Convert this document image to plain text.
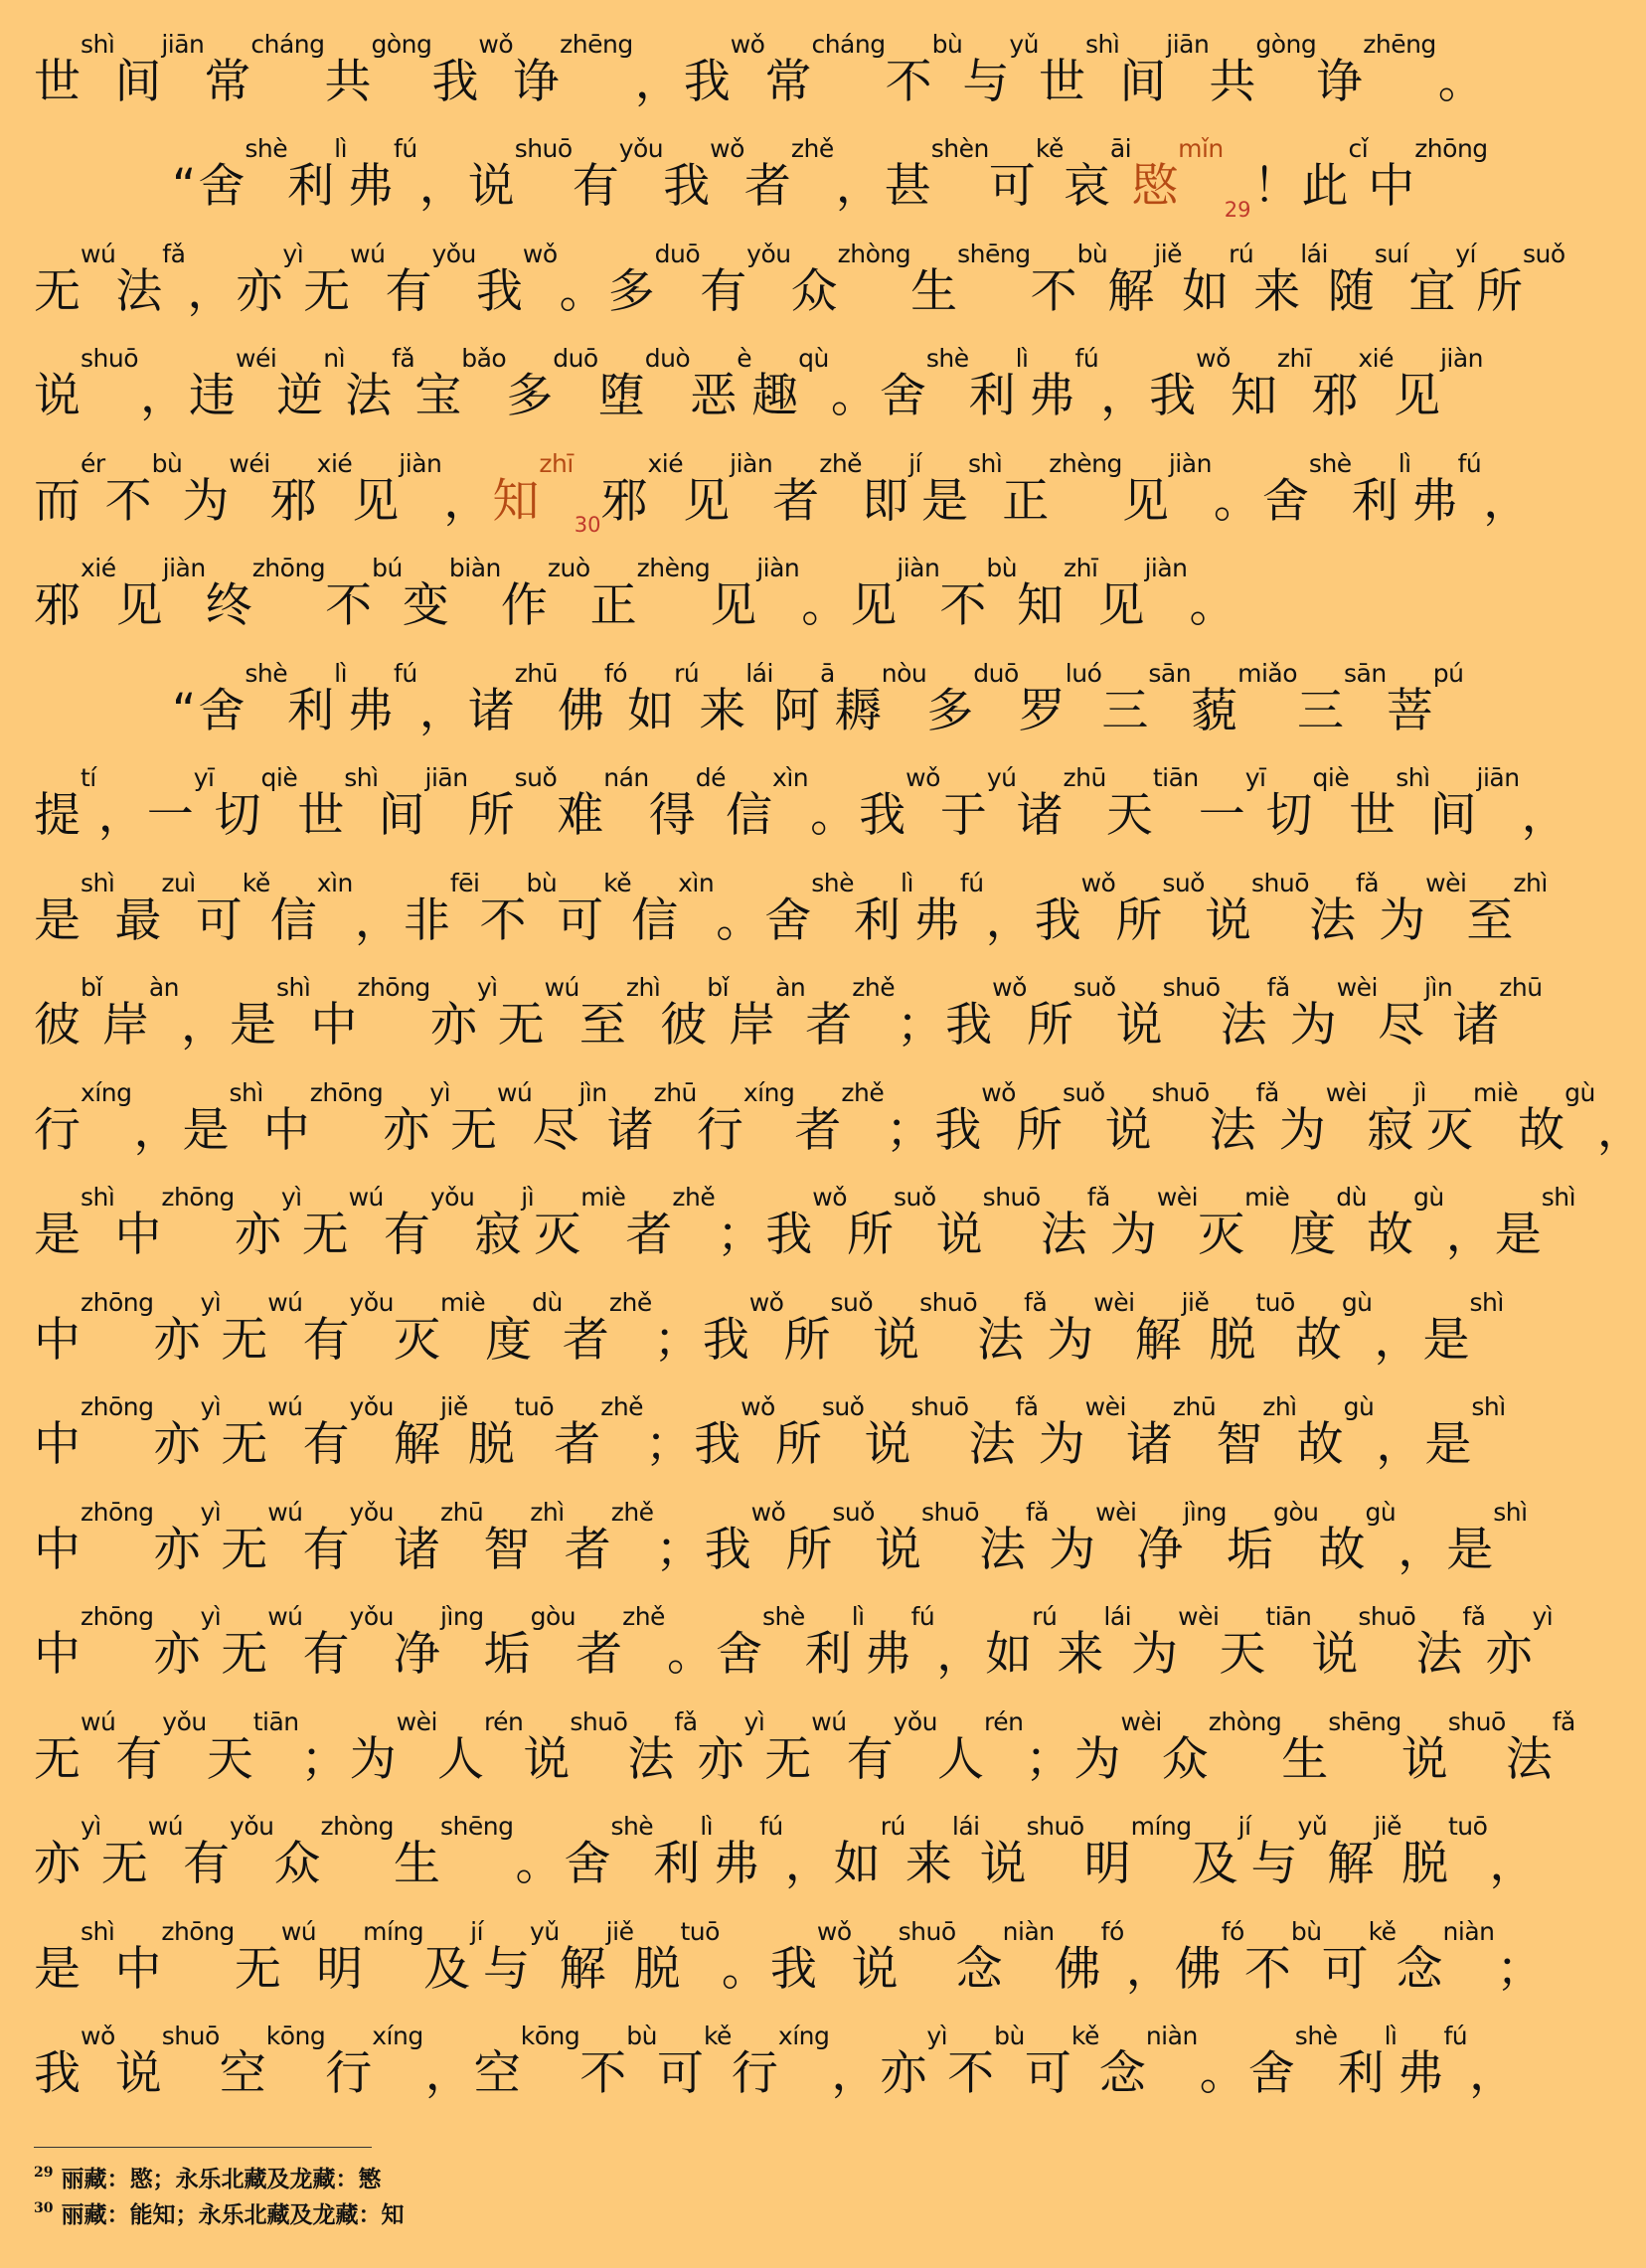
世shì
间jiān
常cháng
共gòng
我wǒ
诤zhēng
， 我wǒ
常cháng
不bù
与yǔ
世shì
间jiān
共gòng
诤zhēng
。
“ 舍shè
利lì
弗fú
， 说shuō
有yǒu
我wǒ
者zhě
， 甚shèn
可kě
哀āi
愍mǐn
29 ！ 此cǐ
中zhōng
无wú
法fǎ
， 亦yì
无wú
有yǒu
我wǒ
。 多duō
有yǒu
众zhòng
生shēng
不bù
解jiě
如rú
来lái
随suí
宜yí
所suǒ
说shuō
， 违wéi
逆nì
法fǎ
宝bǎo
多duō
堕duò
恶è
趣qù
。 舍shè
利lì
弗fú
， 我wǒ
知zhī
邪xié
见jiàn
而ér
不bù
为wéi
邪xié
见jiàn
， 知zhī
30 邪xié
见jiàn
者zhě
即jí
是shì
正zhèng
见jiàn
。 舍shè
利lì
弗fú
，
邪xié
见jiàn
终zhōng
不bú
变biàn
作zuò
正zhèng
见jiàn
。 见jiàn
不bù
知zhī
见jiàn
。
“ 舍shè
利lì
弗fú
， 诸zhū
佛fó
如rú
来lái
阿ā
耨nòu
多duō
罗luó
三sān
藐miǎo
三sān
菩pú
提tí
， 一yī
切qiè
世shì
间jiān
所suǒ
难nán
得dé
信xìn
。 我wǒ
于yú
诸zhū
天tiān
一yī
切qiè
世shì
间jiān
，
是shì
最zuì
可kě
信xìn
， 非fēi
不bù
可kě
信xìn
。 舍shè
利lì
弗fú
， 我wǒ
所suǒ
说shuō
法fǎ
为wèi
至zhì
彼bǐ
岸àn
， 是shì
中zhōng
亦yì
无wú
至zhì
彼bǐ
岸àn
者zhě
； 我wǒ
所suǒ
说shuō
法fǎ
为wèi
尽jìn
诸zhū
行xíng
， 是shì
中zhōng
亦yì
无wú
尽jìn
诸zhū
行xíng
者zhě
； 我wǒ
所suǒ
说shuō
法fǎ
为wèi
寂jì
灭miè
故gù
，
是shì
中zhōng
亦yì
无wú
有yǒu
寂jì
灭miè
者zhě
； 我wǒ
所suǒ
说shuō
法fǎ
为wèi
灭miè
度dù
故gù
， 是shì
中zhōng
亦yì
无wú
有yǒu
灭miè
度dù
者zhě
； 我wǒ
所suǒ
说shuō
法fǎ
为wèi
解jiě
脱tuō
故gù
， 是shì
中zhōng
亦yì
无wú
有yǒu
解jiě
脱tuō
者zhě
； 我wǒ
所suǒ
说shuō
法fǎ
为wèi
诸zhū
智zhì
故gù
， 是shì
中zhōng
亦yì
无wú
有yǒu
诸zhū
智zhì
者zhě
； 我wǒ
所suǒ
说shuō
法fǎ
为wèi
净jìng
垢gòu
故gù
， 是shì
中zhōng
亦yì
无wú
有yǒu
净jìng
垢gòu
者zhě
。 舍shè
利lì
弗fú
， 如rú
来lái
为wèi
天tiān
说shuō
法fǎ
亦yì
无wú
有yǒu
天tiān
； 为wèi
人rén
说shuō
法fǎ
亦yì
无wú
有yǒu
人rén
； 为wèi
众zhòng
生shēng
说shuō
法fǎ
亦yì
无wú
有yǒu
众zhòng
生shēng
。 舍shè
利lì
弗fú
， 如rú
来lái
说shuō
明míng
及jí
与yǔ
解jiě
脱tuō
，
是shì
中zhōng
无wú
明míng
及jí
与yǔ
解jiě
脱tuō
。 我wǒ
说shuō
念niàn
佛fó
， 佛fó
不bù
可kě
念niàn
；
我wǒ
说shuō
空kōng
行xíng
， 空kōng
不bù
可kě
行xíng
， 亦yì
不bù
可kě
念niàn
。 舍shè
利lì
弗fú
，
$^{29}$ 丽藏：愍；永乐北藏及龙藏：慜
$^{30}$ 丽藏：能知；永乐北藏及龙藏：知
